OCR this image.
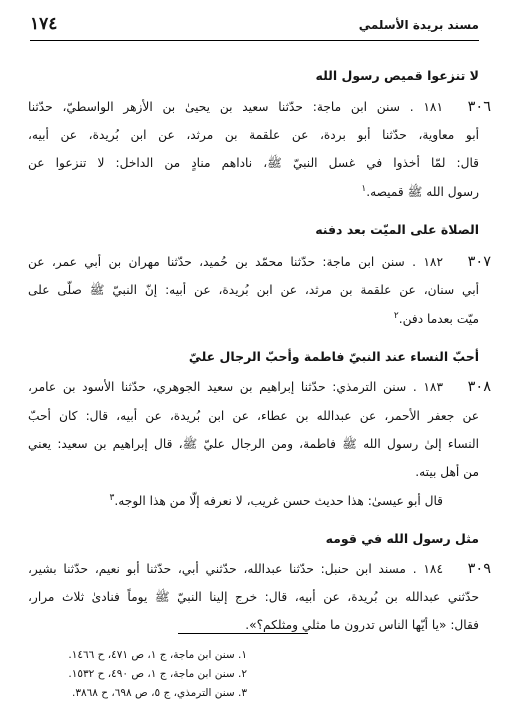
مسند بريدة الأسلمي
١٧٤
لا تنزعوا قميص رسول الله
٣٠٦
١٨١ . سنن ابن ماجة: حدّثنا سعيد بن يحيىٰ بن الأزهر الواسطيّ، حدّثنا
أبو معاوية، حدّثنا أبو بردة، عن علقمة بن مرثد، عن ابن بُريدة، عن أبيه،
قال: لمّا أخذوا في غسل النبيّ ﷺ، ناداهم منادٍ من الداخل: لا تنزعوا عن
رسول الله ﷺ قميصه.$^١$
الصلاة على الميّت بعد دفنه
٣٠٧
١٨٢ . سنن ابن ماجة: حدّثنا محمّد بن حُميد، حدّثنا مهران بن أبي عمر، عن
أبي سنان، عن علقمة بن مرثد، عن ابن بُريدة، عن أبيه: إنّ النبيّ ﷺ صلّى على
ميّت بعدما دفن.$^٢$
أحبّ النساء عند النبيّ فاطمة وأحبّ الرجال عليّ
٣٠٨
١٨٣ . سنن الترمذي: حدّثنا إبراهيم بن سعيد الجوهري، حدّثنا الأسود بن عامر،
عن جعفر الأحمر، عن عبدالله بن عطاء، عن ابن بُريدة، عن أبيه، قال: كان أحبّ
النساء إلىٰ رسول الله ﷺ فاطمة، ومن الرجال عليّ ﷺ، قال إبراهيم بن سعيد: يعني
من أهل بيته.
قال أبو عيسىٰ: هذا حديث حسن غريب، لا نعرفه إلّا من هذا الوجه.$^٣$
مثل رسول الله في قومه
٣٠٩
١٨٤ . مسند ابن حنبل: حدّثنا عبدالله، حدّثني أبي، حدّثنا أبو نعيم، حدّثنا بشير،
حدّثني عبدالله بن بُريدة، عن أبيه، قال: خرج إلينا النبيّ ﷺ يوماً فنادىٰ ثلاث مرار،
فقال: «يا أيّها الناس تدرون ما مثلي ومثلكم؟».
١. سنن ابن ماجة، ج ١، ص ٤٧١، ح ١٤٦٦.
٢. سنن ابن ماجة، ج ١، ص ٤٩٠، ح ١٥٣٢.
٣. سنن الترمذي، ج ٥، ص ٦٩٨، ح ٣٨٦٨.
